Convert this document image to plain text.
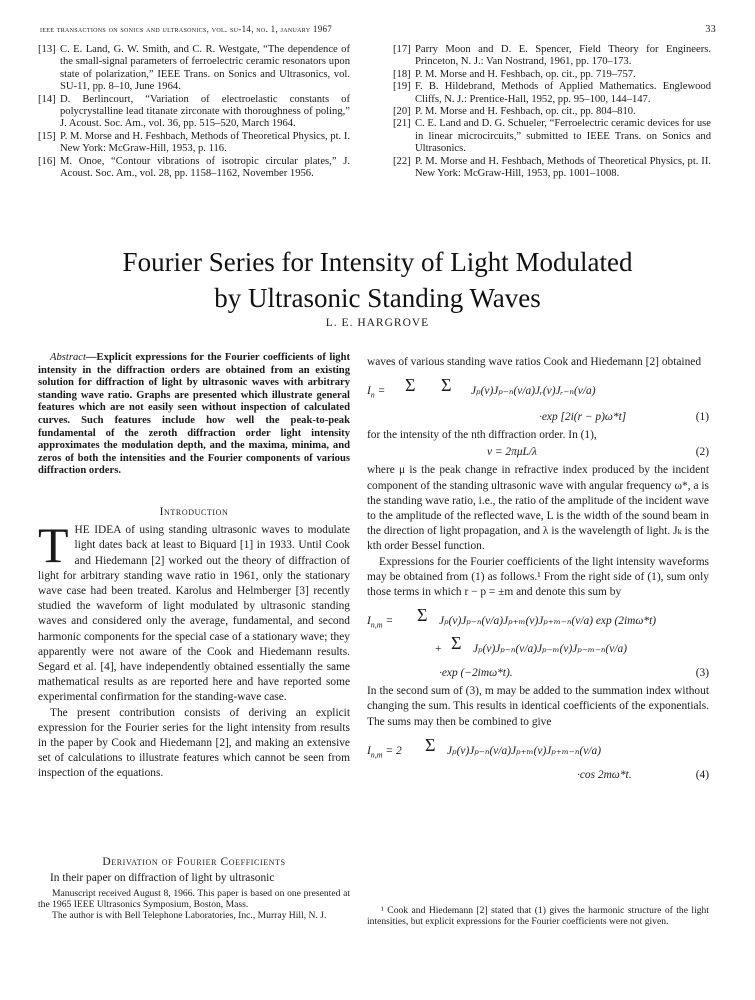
ieee transactions on sonics and ultrasonics, vol. su-14, no. 1, january 1967	33
[13] C. E. Land, G. W. Smith, and C. R. Westgate, “The dependence of the small-signal parameters of ferroelectric ceramic resonators upon state of polarization,” IEEE Trans. on Sonics and Ultrasonics, vol. SU-11, pp. 8–10, June 1964.
[14] D. Berlincourt, “Variation of electroelastic constants of polycrystalline lead titanate zirconate with thoroughness of poling,” J. Acoust. Soc. Am., vol. 36, pp. 515–520, March 1964.
[15] P. M. Morse and H. Feshbach, Methods of Theoretical Physics, pt. I. New York: McGraw-Hill, 1953, p. 116.
[16] M. Onoe, “Contour vibrations of isotropic circular plates,” J. Acoust. Soc. Am., vol. 28, pp. 1158–1162, November 1956.
[17] Parry Moon and D. E. Spencer, Field Theory for Engineers. Princeton, N. J.: Van Nostrand, 1961, pp. 170–173.
[18] P. M. Morse and H. Feshbach, op. cit., pp. 719–757.
[19] F. B. Hildebrand, Methods of Applied Mathematics. Englewood Cliffs, N. J.: Prentice-Hall, 1952, pp. 95–100, 144–147.
[20] P. M. Morse and H. Feshbach, op. cit., pp. 804–810.
[21] C. E. Land and D. G. Schueler, “Ferroelectric ceramic devices for use in linear microcircuits,” submitted to IEEE Trans. on Sonics and Ultrasonics.
[22] P. M. Morse and H. Feshbach, Methods of Theoretical Physics, pt. II. New York: McGraw-Hill, 1953, pp. 1001–1008.
Fourier Series for Intensity of Light Modulated
by Ultrasonic Standing Waves
L. E. HARGROVE
Abstract—Explicit expressions for the Fourier coefficients of light intensity in the diffraction orders are obtained from an existing solution for diffraction of light by ultrasonic waves with arbitrary standing wave ratio. Graphs are presented which illustrate general features which are not easily seen without inspection of calculated curves. Such features include how well the peak-to-peak fundamental of the zeroth diffraction order light intensity approximates the modulation depth, and the maxima, minima, and zeros of both the intensities and the Fourier components of various diffraction orders.
Introduction
THE IDEA of using standing ultrasonic waves to modulate light dates back at least to Biquard [1] in 1933. Until Cook and Hiedemann [2] worked out the theory of diffraction of light for arbitrary standing wave ratio in 1961, only the stationary wave case had been treated. Karolus and Helmberger [3] recently studied the waveform of light modulated by ultrasonic standing waves and considered only the average, fundamental, and second harmonic components for the special case of a stationary wave; they apparently were not aware of the Cook and Hiedemann results. Segard et al. [4], have independently obtained essentially the same mathematical results as are reported here and have reported some experimental confirmation for the standing-wave case.
The present contribution consists of deriving an explicit expression for the Fourier series for the light intensity from results in the paper by Cook and Hiedemann [2], and making an extensive set of calculations to illustrate features which cannot be seen from inspection of the equations.
Derivation of Fourier Coefficients
In their paper on diffraction of light by ultrasonic
Manuscript received August 8, 1966. This paper is based on one presented at the 1965 IEEE Ultrasonics Symposium, Boston, Mass.
The author is with Bell Telephone Laboratories, Inc., Murray Hill, N. J.
waves of various standing wave ratios Cook and Hiedemann [2] obtained
$I_n = \Sigma$ Σ Jₚ(v)Jₚ₋ₙ(v/a)Jᵣ(v)Jᵣ₋ₙ(v/a)
·exp [2i(r − p)ω*t]	(1)
for the intensity of the nth diffraction order. In (1),
v = 2πμL/λ	(2)
where μ is the peak change in refractive index produced by the incident component of the standing ultrasonic wave with angular frequency ω*, a is the standing wave ratio, i.e., the ratio of the amplitude of the incident wave to the amplitude of the reflected wave, L is the width of the sound beam in the direction of light propagation, and λ is the wavelength of light. Jₖ is the kth order Bessel function.
Expressions for the Fourier coefficients of the light intensity waveforms may be obtained from (1) as follows.¹ From the right side of (1), sum only those terms in which r − p = ±m and denote this sum by
$I_{n,m} = \Sigma$ Jₚ(v)Jₚ₋ₙ(v/a)Jₚ₊ₘ(v)Jₚ₊ₘ₋ₙ(v/a) exp (2imω*t)
+ Σ Jₚ(v)Jₚ₋ₙ(v/a)Jₚ₋ₘ(v)Jₚ₋ₘ₋ₙ(v/a)
·exp (−2imω*t).	(3)
In the second sum of (3), m may be added to the summation index without changing the sum. This results in identical coefficients of the exponentials. The sums may then be combined to give
$I_{n,m} = 2$ Σ Jₚ(v)Jₚ₋ₙ(v/a)Jₚ₊ₘ(v)Jₚ₊ₘ₋ₙ(v/a)
·cos 2mω*t.	(4)
¹ Cook and Hiedemann [2] stated that (1) gives the harmonic structure of the light intensities, but explicit expressions for the Fourier coefficients were not given.
